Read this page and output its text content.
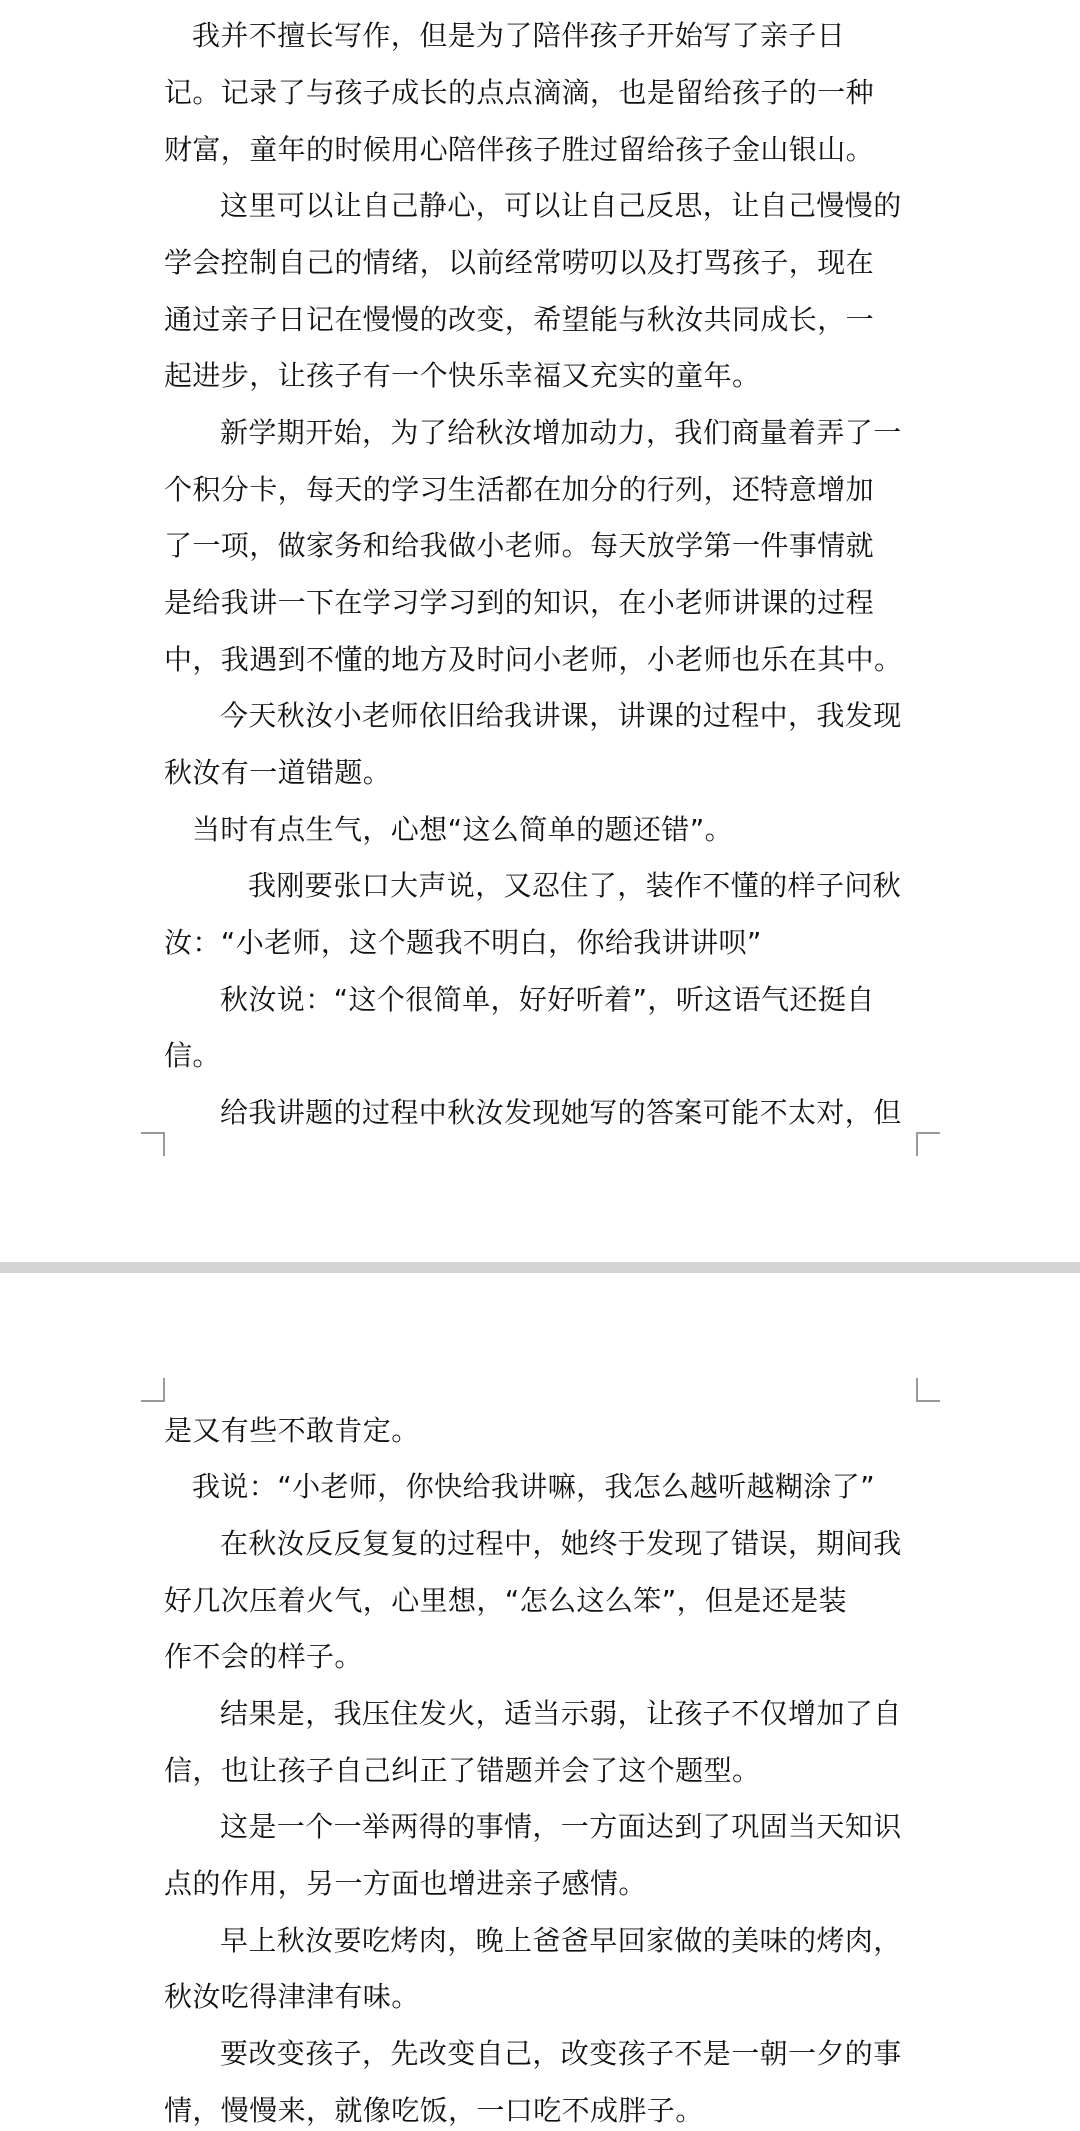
我并不擅长写作，但是为了陪伴孩子开始写了亲子日
记。记录了与孩子成长的点点滴滴，也是留给孩子的一种
财富，童年的时候用心陪伴孩子胜过留给孩子金山银山。
这里可以让自己静心，可以让自己反思，让自己慢慢的
学会控制自己的情绪，以前经常唠叨以及打骂孩子，现在
通过亲子日记在慢慢的改变，希望能与秋汝共同成长，一
起进步，让孩子有一个快乐幸福又充实的童年。
新学期开始，为了给秋汝增加动力，我们商量着弄了一
个积分卡，每天的学习生活都在加分的行列，还特意增加
了一项，做家务和给我做小老师。每天放学第一件事情就
是给我讲一下在学习学习到的知识，在小老师讲课的过程
中，我遇到不懂的地方及时问小老师，小老师也乐在其中。
今天秋汝小老师依旧给我讲课，讲课的过程中，我发现
秋汝有一道错题。
当时有点生气，心想“这么简单的题还错”。
我刚要张口大声说，又忍住了，装作不懂的样子问秋
汝：“小老师，这个题我不明白，你给我讲讲呗”
秋汝说：“这个很简单，好好听着”，听这语气还挺自
信。
给我讲题的过程中秋汝发现她写的答案可能不太对，但
是又有些不敢肯定。
我说：“小老师，你快给我讲嘛，我怎么越听越糊涂了”
在秋汝反反复复的过程中，她终于发现了错误，期间我
好几次压着火气，心里想，“怎么这么笨”，但是还是装
作不会的样子。
结果是，我压住发火，适当示弱，让孩子不仅增加了自
信，也让孩子自己纠正了错题并会了这个题型。
这是一个一举两得的事情，一方面达到了巩固当天知识
点的作用，另一方面也增进亲子感情。
早上秋汝要吃烤肉，晚上爸爸早回家做的美味的烤肉，
秋汝吃得津津有味。
要改变孩子，先改变自己，改变孩子不是一朝一夕的事
情，慢慢来，就像吃饭，一口吃不成胖子。
